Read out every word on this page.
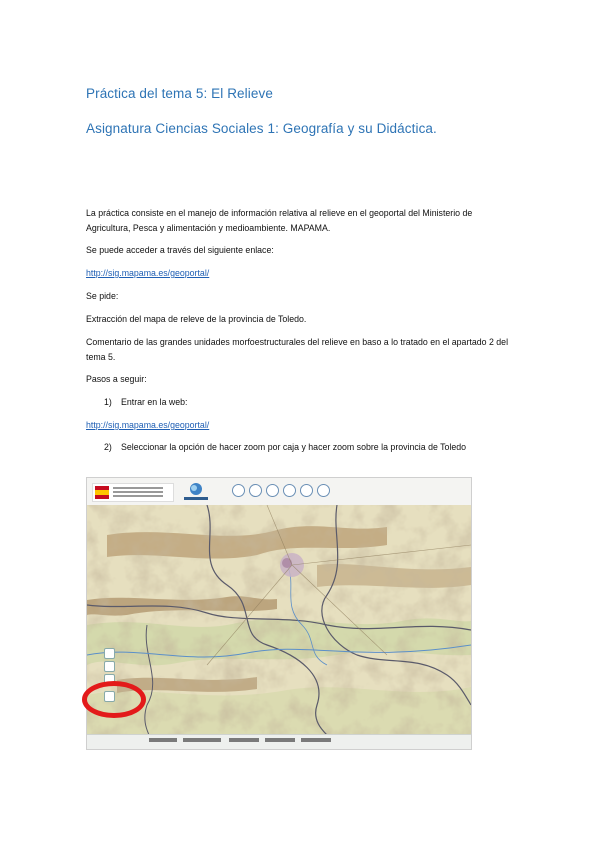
Práctica del tema 5: El Relieve
Asignatura Ciencias Sociales 1: Geografía y su Didáctica.
La práctica consiste en el manejo de información relativa al relieve en el geoportal del Ministerio de Agricultura, Pesca y alimentación y medioambiente. MAPAMA.
Se puede acceder a través del siguiente enlace:
http://sig.mapama.es/geoportal/
Se pide:
Extracción del mapa de releve de la provincia de Toledo.
Comentario de las grandes unidades morfoestructurales del relieve en baso a lo tratado en el apartado 2 del tema 5.
Pasos a seguir:
1) Entrar en la web:
http://sig.mapama.es/geoportal/
2) Seleccionar la opción de hacer zoom por caja y hacer zoom sobre la provincia de Toledo
